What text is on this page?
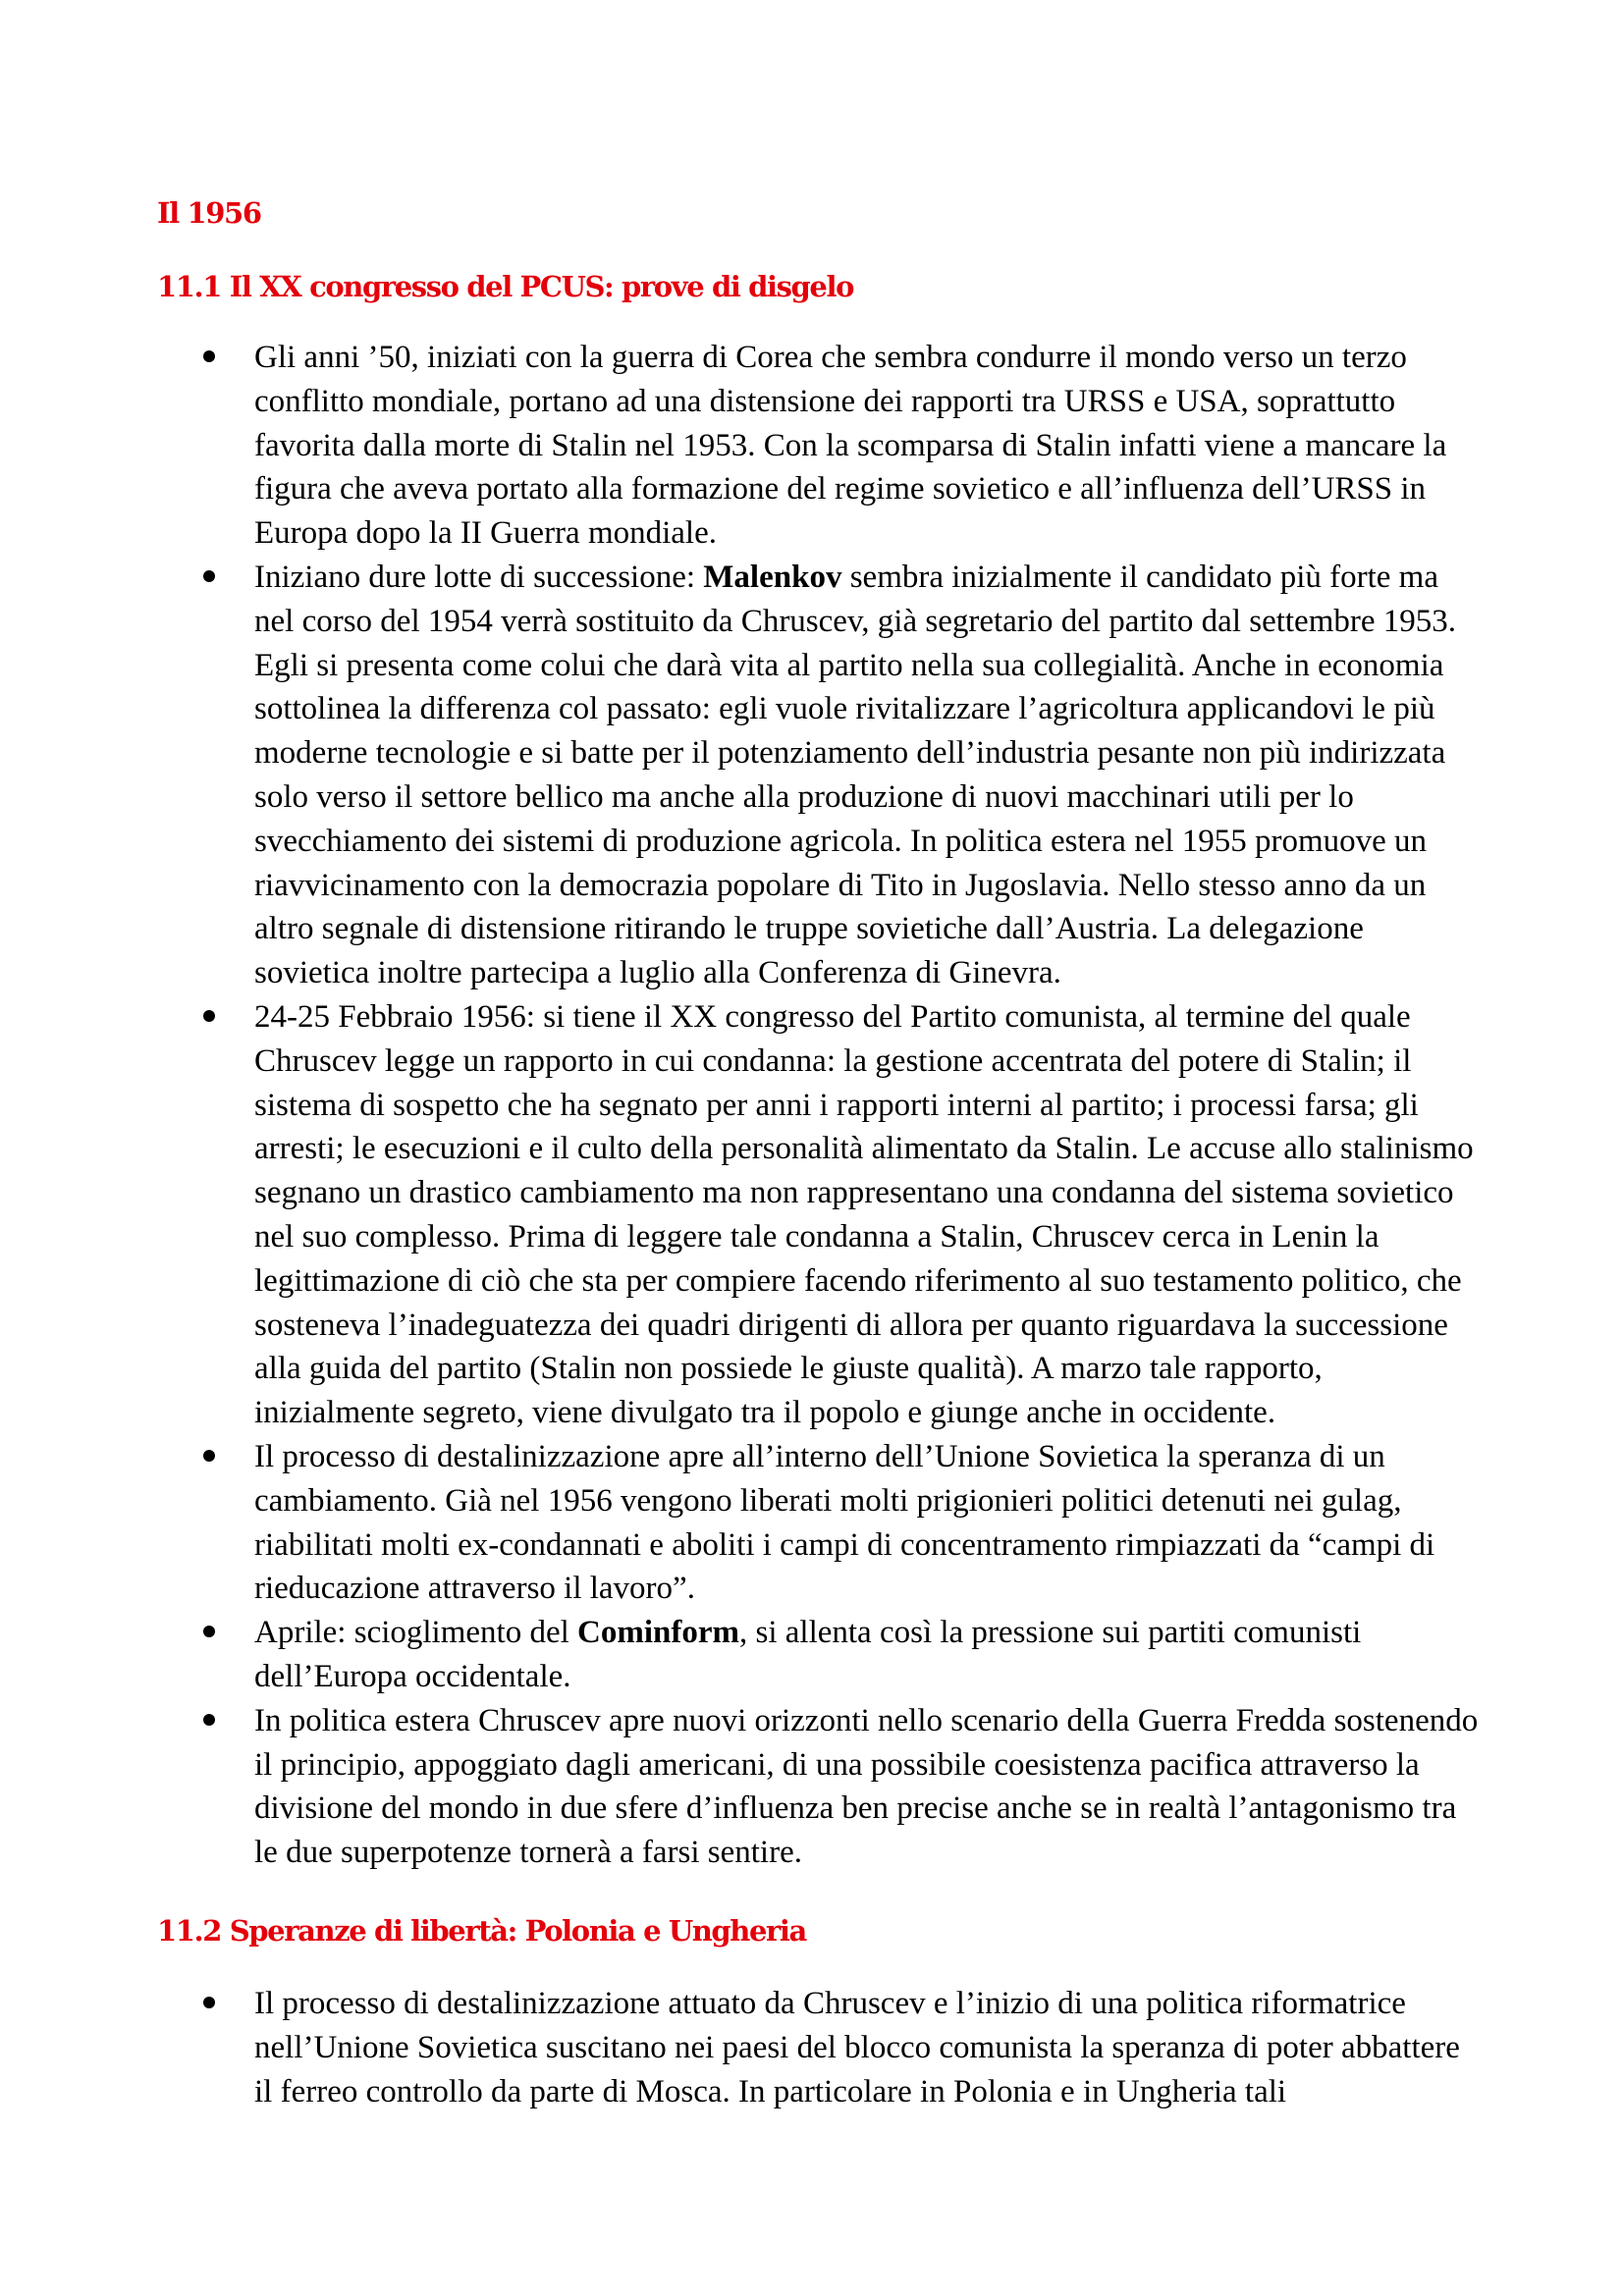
Il 1956
11.1 Il XX congresso del PCUS: prove di disgelo
Gli anni ’50, iniziati con la guerra di Corea che sembra condurre il mondo verso un terzo conflitto mondiale, portano ad una distensione dei rapporti tra URSS e USA, soprattutto favorita dalla morte di Stalin nel 1953. Con la scomparsa di Stalin infatti viene a mancare la figura che aveva portato alla formazione del regime sovietico e all’influenza dell’URSS in Europa dopo la II Guerra mondiale.
Iniziano dure lotte di successione: Malenkov sembra inizialmente il candidato più forte ma nel corso del 1954 verrà sostituito da Chruscev, già segretario del partito dal settembre 1953. Egli si presenta come colui che darà vita al partito nella sua collegialità. Anche in economia sottolinea la differenza col passato: egli vuole rivitalizzare l’agricoltura applicandovi le più moderne tecnologie e si batte per il potenziamento dell’industria pesante non più indirizzata solo verso il settore bellico ma anche alla produzione di nuovi macchinari utili per lo svecchiamento dei sistemi di produzione agricola. In politica estera nel 1955 promuove un riavvicinamento con la democrazia popolare di Tito in Jugoslavia. Nello stesso anno da un altro segnale di distensione ritirando le truppe sovietiche dall’Austria. La delegazione sovietica inoltre partecipa a luglio alla Conferenza di Ginevra.
24-25 Febbraio 1956: si tiene il XX congresso del Partito comunista, al termine del quale Chruscev legge un rapporto in cui condanna: la gestione accentrata del potere di Stalin; il sistema di sospetto che ha segnato per anni i rapporti interni al partito; i processi farsa; gli arresti; le esecuzioni e il culto della personalità alimentato da Stalin. Le accuse allo stalinismo segnano un drastico cambiamento ma non rappresentano una condanna del sistema sovietico nel suo complesso. Prima di leggere tale condanna a Stalin, Chruscev cerca in Lenin la legittimazione di ciò che sta per compiere facendo riferimento al suo testamento politico, che sosteneva l’inadeguatezza dei quadri dirigenti di allora per quanto riguardava la successione alla guida del partito (Stalin non possiede le giuste qualità). A marzo tale rapporto, inizialmente segreto, viene divulgato tra il popolo e giunge anche in occidente.
Il processo di destalinizzazione apre all’interno dell’Unione Sovietica la speranza di un cambiamento. Già nel 1956 vengono liberati molti prigionieri politici detenuti nei gulag, riabilitati molti ex-condannati e aboliti i campi di concentramento rimpiazzati da “campi di rieducazione attraverso il lavoro”.
Aprile: scioglimento del Cominform, si allenta così la pressione sui partiti comunisti dell’Europa occidentale.
In politica estera Chruscev apre nuovi orizzonti nello scenario della Guerra Fredda sostenendo il principio, appoggiato dagli americani, di una possibile coesistenza pacifica attraverso la divisione del mondo in due sfere d’influenza ben precise anche se in realtà l’antagonismo tra le due superpotenze tornerà a farsi sentire.
11.2 Speranze di libertà: Polonia e Ungheria
Il processo di destalinizzazione attuato da Chruscev e l’inizio di una politica riformatrice nell’Unione Sovietica suscitano nei paesi del blocco comunista la speranza di poter abbattere il ferreo controllo da parte di Mosca. In particolare in Polonia e in Ungheria tali
